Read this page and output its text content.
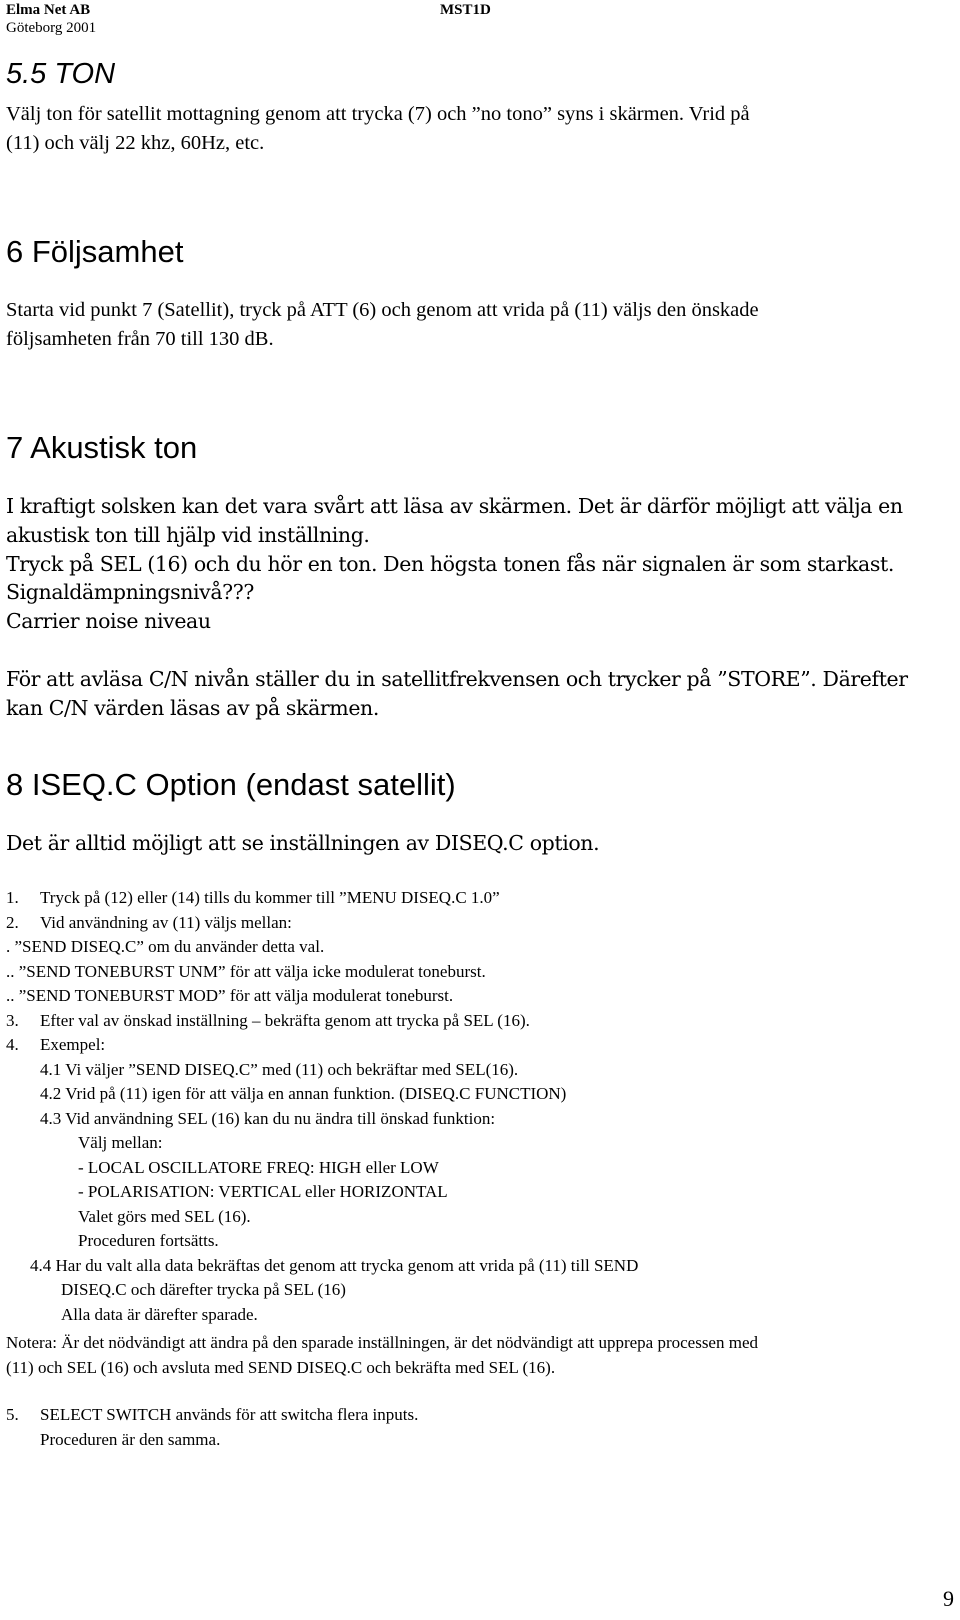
Elma Net AB	MST1D
Göteborg 2001
5.5 TON
Välj ton för satellit mottagning genom att trycka (7) och ”no tono” syns i skärmen. Vrid på
(11) och välj 22 khz, 60Hz, etc.
6 Följsamhet
Starta vid punkt 7 (Satellit), tryck på ATT (6) och genom att vrida på (11) väljs den önskade
följsamheten från 70 till 130 dB.
7 Akustisk ton
I kraftigt solsken kan det vara svårt att läsa av skärmen. Det är därför möjligt att välja en
akustisk ton till hjälp vid inställning.
Tryck på SEL (16) och du hör en ton. Den högsta tonen fås när signalen är som starkast.
Signaldämpningsnivå???
Carrier noise niveau
För att avläsa C/N nivån ställer du in satellitfrekvensen och trycker på ”STORE”. Därefter
kan C/N värden läsas av på skärmen.
8 ISEQ.C Option (endast satellit)
Det är alltid möjligt att se inställningen av DISEQ.C option.
1. Tryck på (12) eller (14) tills du kommer till ”MENU DISEQ.C 1.0”
2. Vid användning av (11) väljs mellan:
. ”SEND DISEQ.C” om du använder detta val.
.. ”SEND TONEBURST UNM” för att välja icke modulerat toneburst.
.. ”SEND TONEBURST MOD” för att välja modulerat toneburst.
3. Efter val av önskad inställning – bekräfta genom att trycka på SEL (16).
4. Exempel:
4.1 Vi väljer ”SEND DISEQ.C” med (11) och bekräftar med SEL(16).
4.2 Vrid på (11) igen för att välja en annan funktion. (DISEQ.C FUNCTION)
4.3 Vid användning SEL (16) kan du nu ändra till önskad funktion:
Välj mellan:
- LOCAL OSCILLATORE FREQ: HIGH eller LOW
- POLARISATION: VERTICAL eller HORIZONTAL
Valet görs med SEL (16).
Proceduren fortsätts.
4.4 Har du valt alla data bekräftas det genom att trycka genom att vrida på (11) till SEND
DISEQ.C och därefter trycka på SEL (16)
Alla data är därefter sparade.
Notera: Är det nödvändigt att ändra på den sparade inställningen, är det nödvändigt att upprepa processen med
(11) och SEL (16) och avsluta med SEND DISEQ.C och bekräfta med SEL (16).
5. SELECT SWITCH används för att switcha flera inputs.
Proceduren är den samma.
9
